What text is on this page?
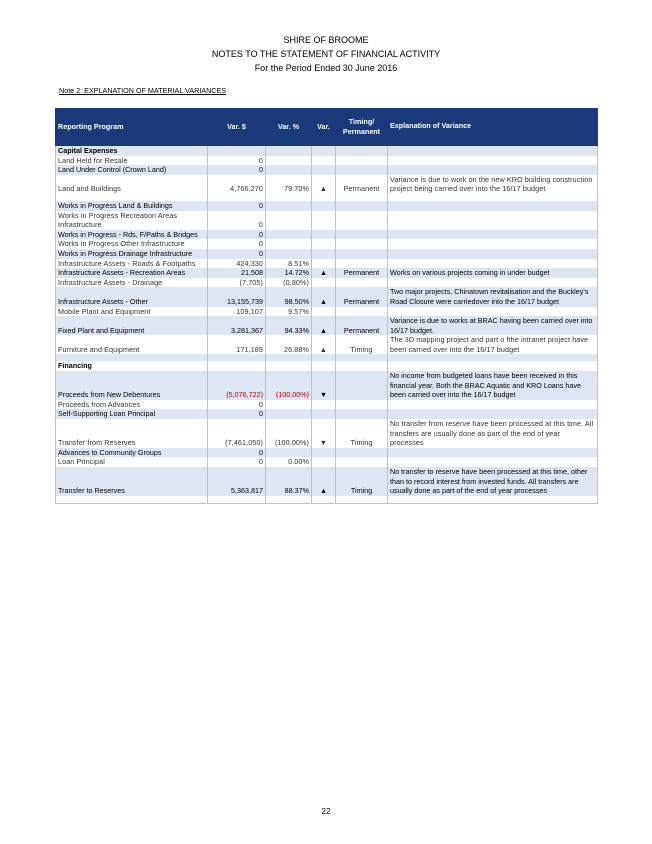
SHIRE OF BROOME
NOTES TO THE STATEMENT OF FINANCIAL ACTIVITY
For the Period Ended 30 June 2016
Note 2: EXPLANATION OF MATERIAL VARIANCES
Reporting Program	Var. $	Var. %	Var.	Timing/ Permanent	Explanation of Variance
Capital Expenses					
Land Held for Resale	0				
Land Under Control (Crown Land)	0				
Land and Buildings	4,766,270	79.70%	▲	Permanent	Variance is due to work on the new KRO building construction project being carried over into the 16/17 budget

Works in Progress Land & Buildings	0				
Works in Progress Recreation Areas Infrastructure	0				
Works in Progress - Rds, F/Paths & Bridges	0				
Works in Progress Other Infrastructure	0				
Works in Progress Drainage Infrastructure	0				
Infrastructure Assets - Roads & Footpaths	424,330	8.51%			
Infrastructure Assets - Recreation Areas	21,508	14.72%	▲	Permanent	Works on various projects coming in under budget
Infrastructure Assets - Drainage	(7,705)	(0.80%)			
Infrastructure Assets - Other	13,155,739	98.50%	▲	Permanent	Two major projects, Chinatown revitalisation and the Buckley's Road Closure were carriedover into the 16/17 budget
Mobile Plant and Equipment	109,107	9.57%			
Fixed Plant and Equipment	3,281,367	94.33%	▲	Permanent	Variance is due to works at BRAC having been carried over into 16/17 budget.
Furniture and Equipment	171,189	26.88%	▲	Timing	The 3D mapping project and part o fthe intranet project have been carried over into the 16/17 budget

Financing					
Proceeds from New Debentures	(5,076,722)	(100.00%)	▼		No income from budgeted loans have been received in this financial year. Both the BRAC Aquatic and KRO Loans have been carried over into the 16/17 budget
Proceeds from Advances	0				
Self-Supporting Loan Principal	0				
Transfer from Reserves	(7,461,050)	(100.00%)	▼	Timing	No transfer from reserve have been processed at this time. All transfers are usually done as part of the end of year processes
Advances to Community Groups	0				
Loan Principal	0	0.00%			
Transfer to Reserves	5,363,817	88.37%	▲	Timing	No transfer to reserve have been processed at this time, other than to record interest from invested funds. All transfers are usually done as part of the end of year processes

22
